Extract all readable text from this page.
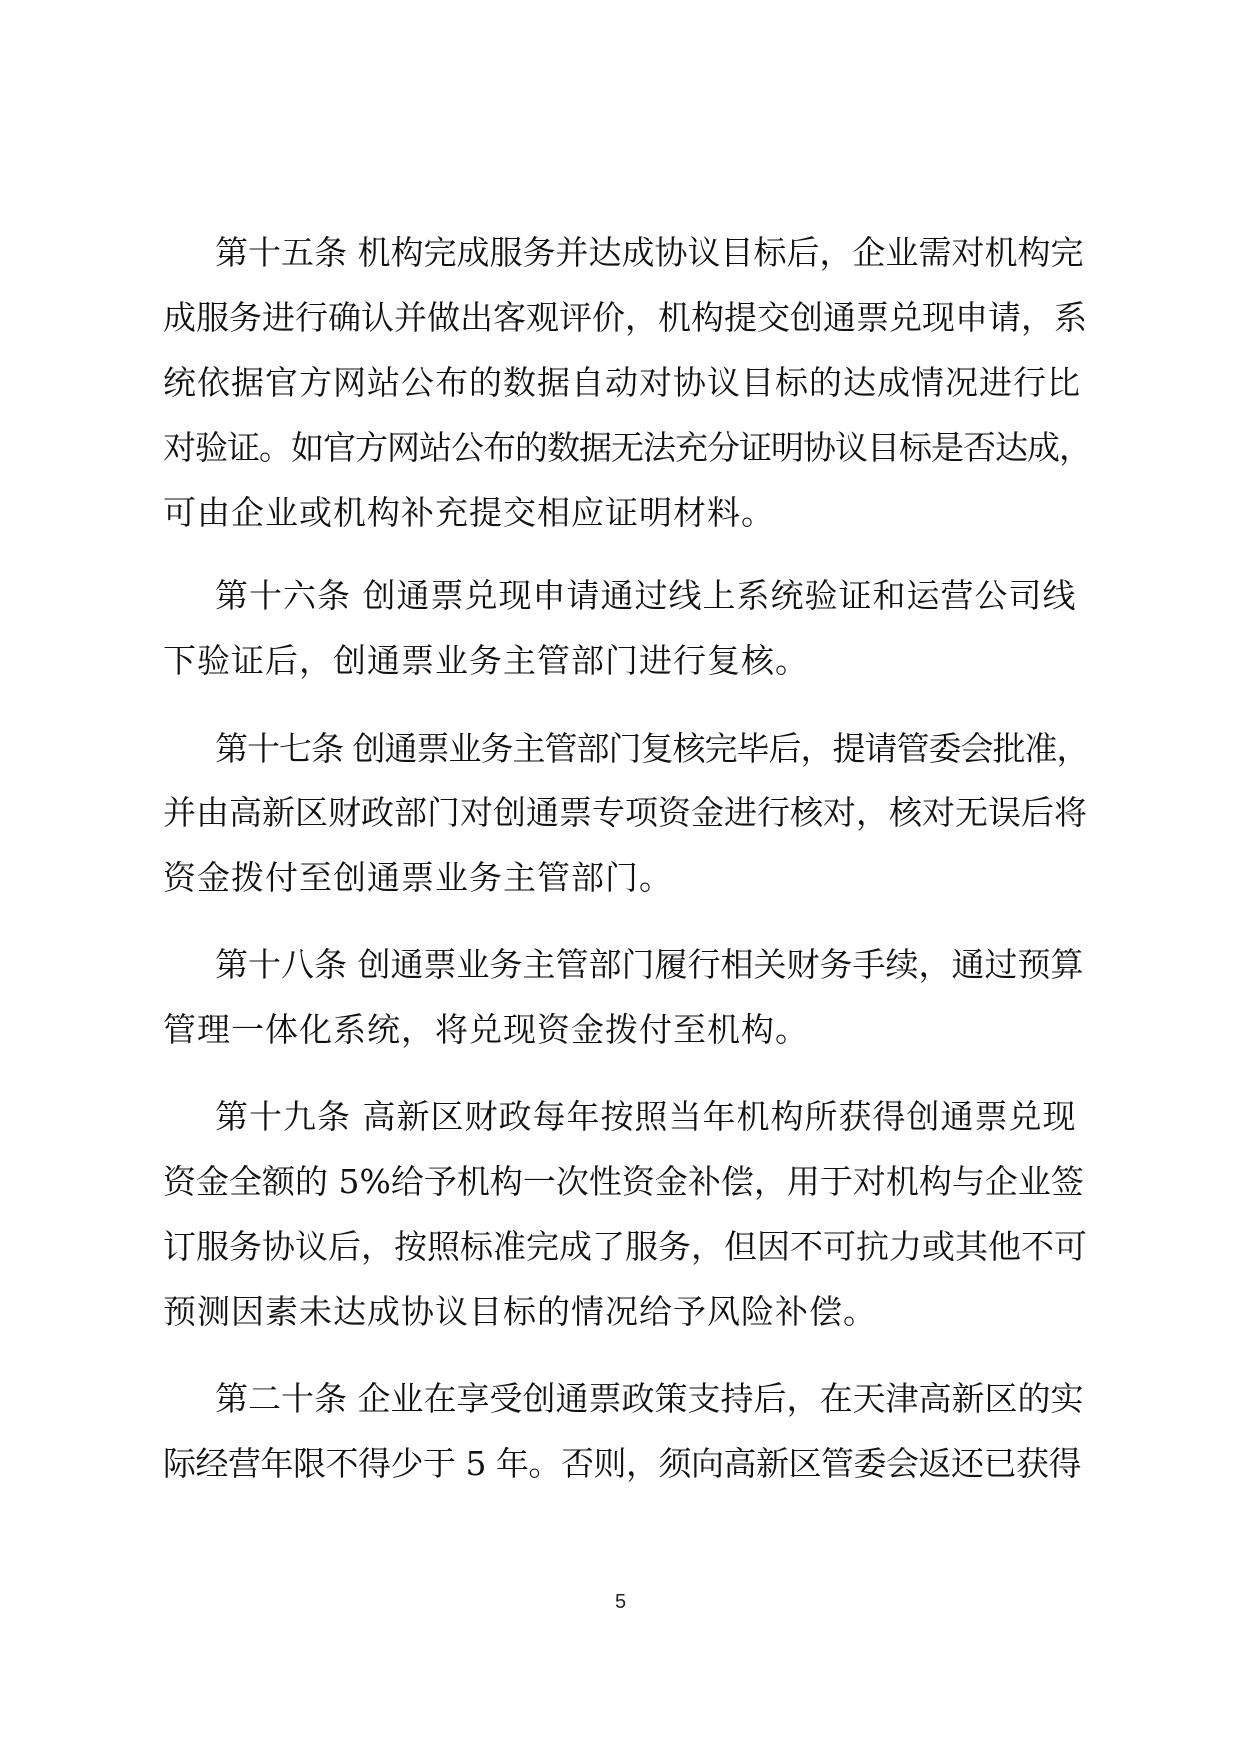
第十五条 机构完成服务并达成协议目标后，企业需对机构完
成服务进行确认并做出客观评价，机构提交创通票兑现申请，系
统依据官方网站公布的数据自动对协议目标的达成情况进行比
对验证。如官方网站公布的数据无法充分证明协议目标是否达成，
可由企业或机构补充提交相应证明材料。
第十六条 创通票兑现申请通过线上系统验证和运营公司线
下验证后，创通票业务主管部门进行复核。
第十七条 创通票业务主管部门复核完毕后，提请管委会批准，
并由高新区财政部门对创通票专项资金进行核对，核对无误后将
资金拨付至创通票业务主管部门。
第十八条 创通票业务主管部门履行相关财务手续，通过预算
管理一体化系统，将兑现资金拨付至机构。
第十九条 高新区财政每年按照当年机构所获得创通票兑现
资金全额的 5%给予机构一次性资金补偿，用于对机构与企业签
订服务协议后，按照标准完成了服务，但因不可抗力或其他不可
预测因素未达成协议目标的情况给予风险补偿。
第二十条 企业在享受创通票政策支持后，在天津高新区的实
际经营年限不得少于 5 年。否则，须向高新区管委会返还已获得
5
